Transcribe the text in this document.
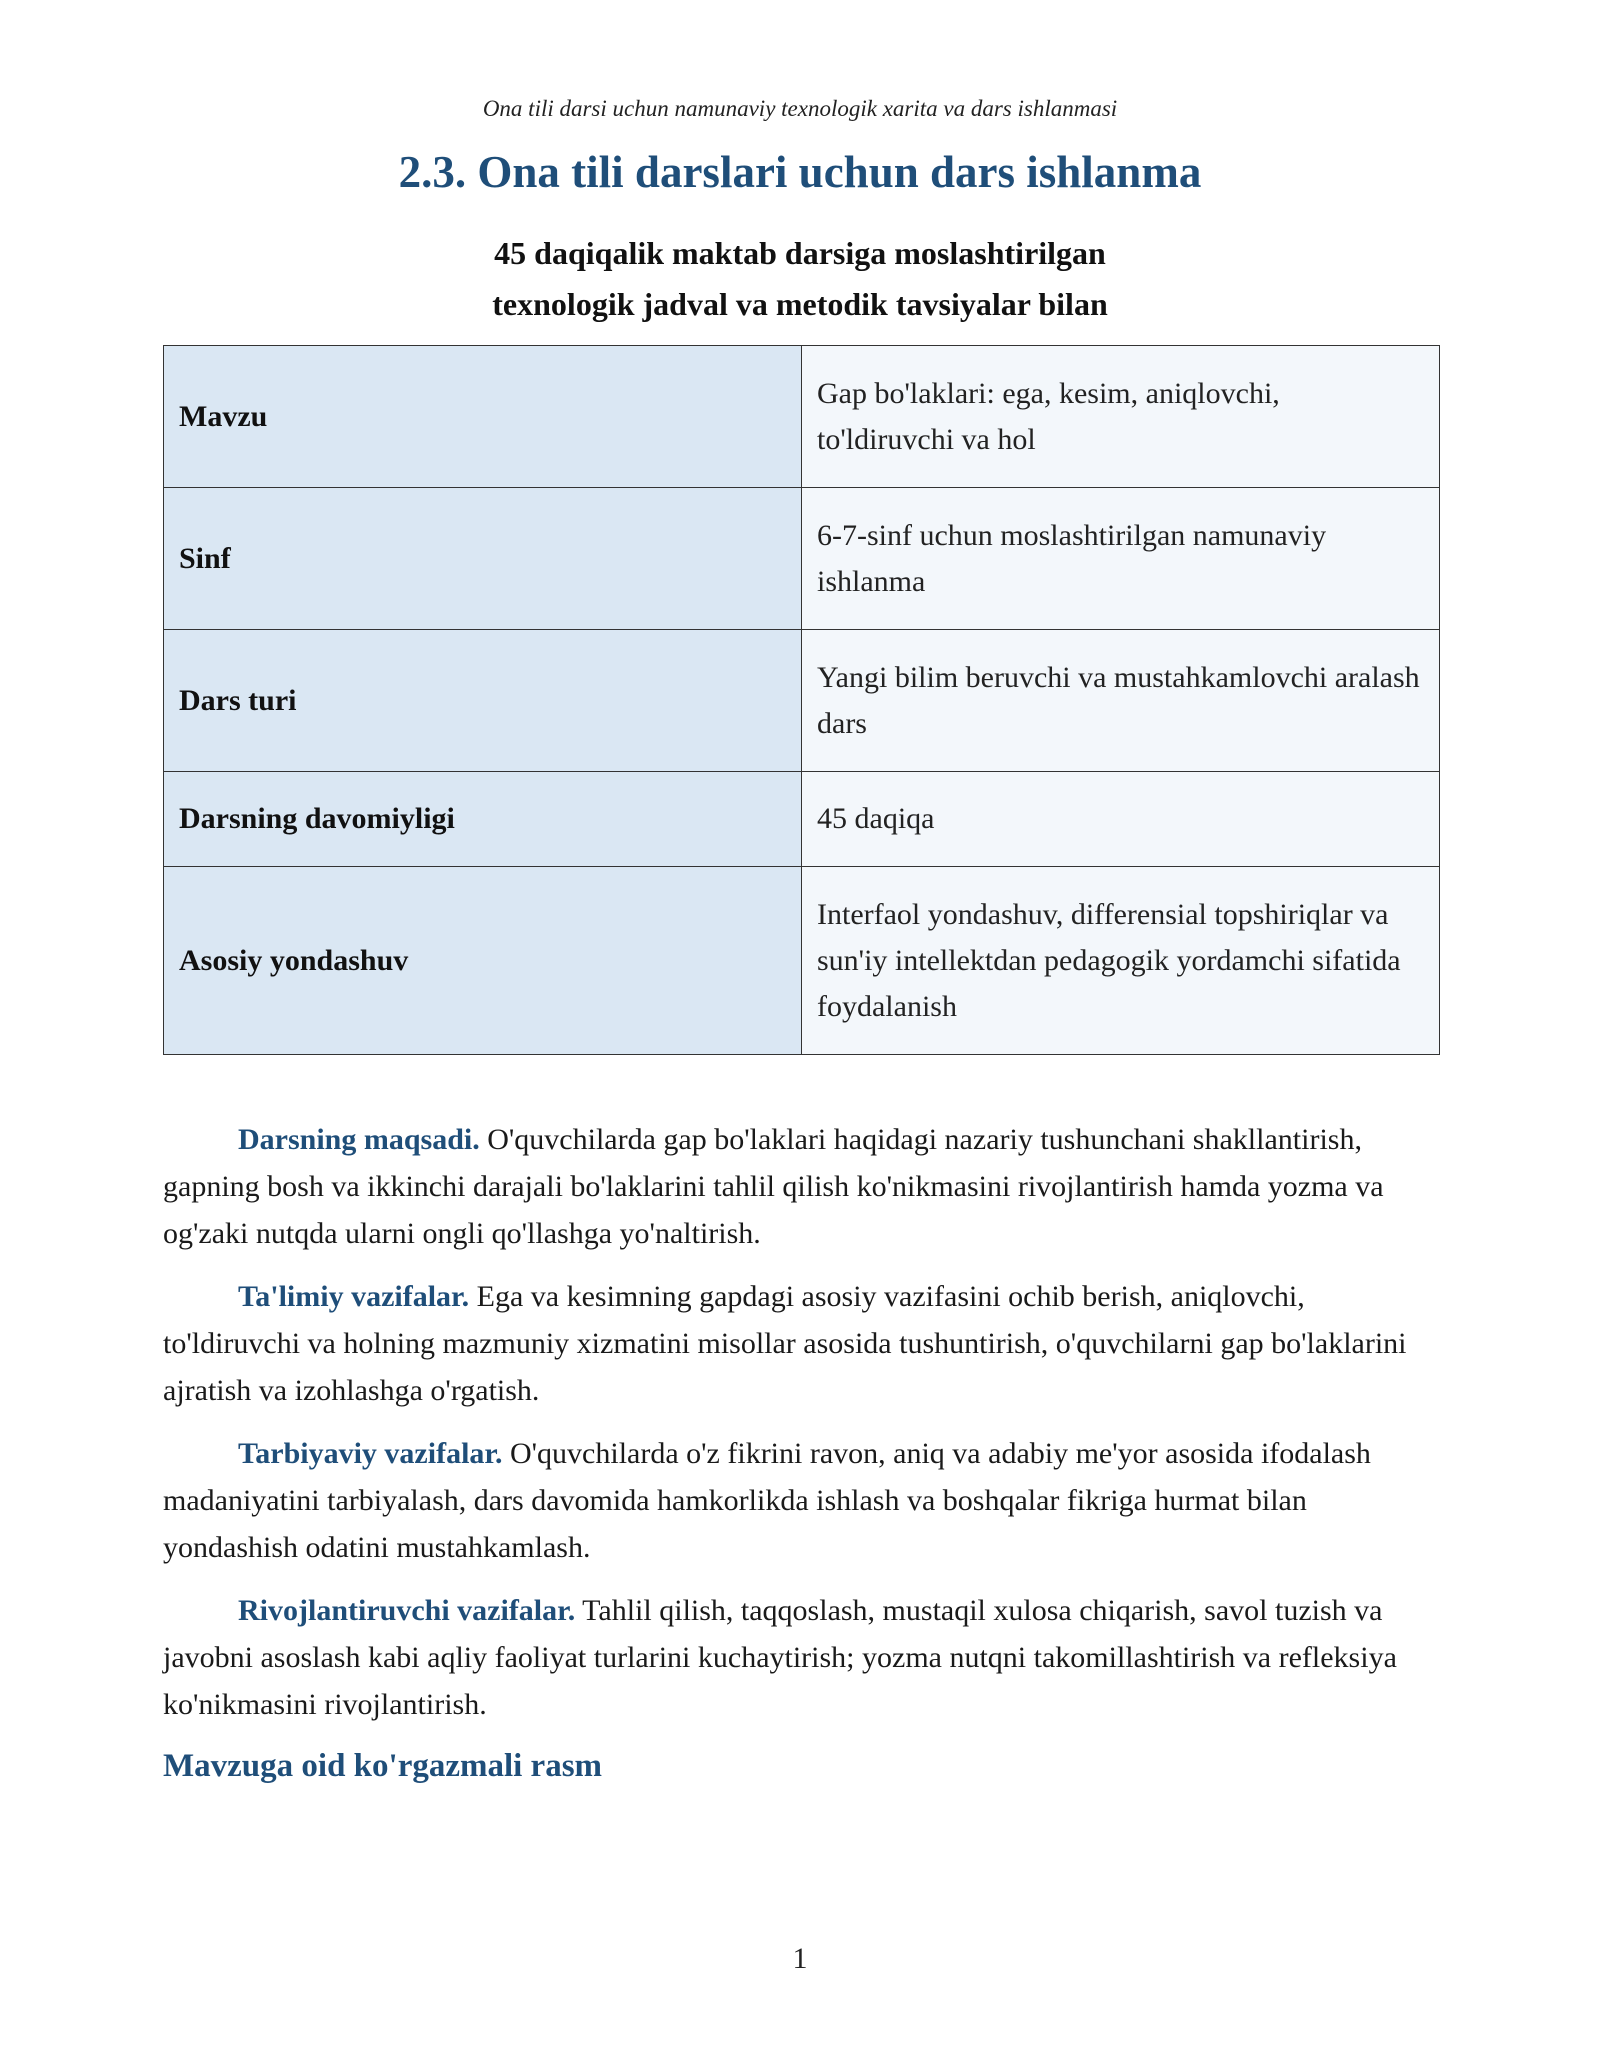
Ona tili darsi uchun namunaviy texnologik xarita va dars ishlanmasi
2.3. Ona tili darslari uchun dars ishlanma
45 daqiqalik maktab darsiga moslashtirilgan
texnologik jadval va metodik tavsiyalar bilan
Mavzu	Gap bo'laklari: ega, kesim, aniqlovchi, to'ldiruvchi va hol
Sinf	6-7-sinf uchun moslashtirilgan namunaviy ishlanma
Dars turi	Yangi bilim beruvchi va mustahkamlovchi aralash dars
Darsning davomiyligi	45 daqiqa
Asosiy yondashuv	Interfaol yondashuv, differensial topshiriqlar va sun'iy intellektdan pedagogik yordamchi sifatida foydalanish

Darsning maqsadi. O'quvchilarda gap bo'laklari haqidagi nazariy tushunchani shakllantirish, gapning bosh va ikkinchi darajali bo'laklarini tahlil qilish ko'nikmasini rivojlantirish hamda yozma va og'zaki nutqda ularni ongli qo'llashga yo'naltirish.

Ta'limiy vazifalar. Ega va kesimning gapdagi asosiy vazifasini ochib berish, aniqlovchi, to'ldiruvchi va holning mazmuniy xizmatini misollar asosida tushuntirish, o'quvchilarni gap bo'laklarini ajratish va izohlashga o'rgatish.

Tarbiyaviy vazifalar. O'quvchilarda o'z fikrini ravon, aniq va adabiy me'yor asosida ifodalash madaniyatini tarbiyalash, dars davomida hamkorlikda ishlash va boshqalar fikriga hurmat bilan yondashish odatini mustahkamlash.

Rivojlantiruvchi vazifalar. Tahlil qilish, taqqoslash, mustaqil xulosa chiqarish, savol tuzish va javobni asoslash kabi aqliy faoliyat turlarini kuchaytirish; yozma nutqni takomillashtirish va refleksiya ko'nikmasini rivojlantirish.

Mavzuga oid ko'rgazmali rasm
1
